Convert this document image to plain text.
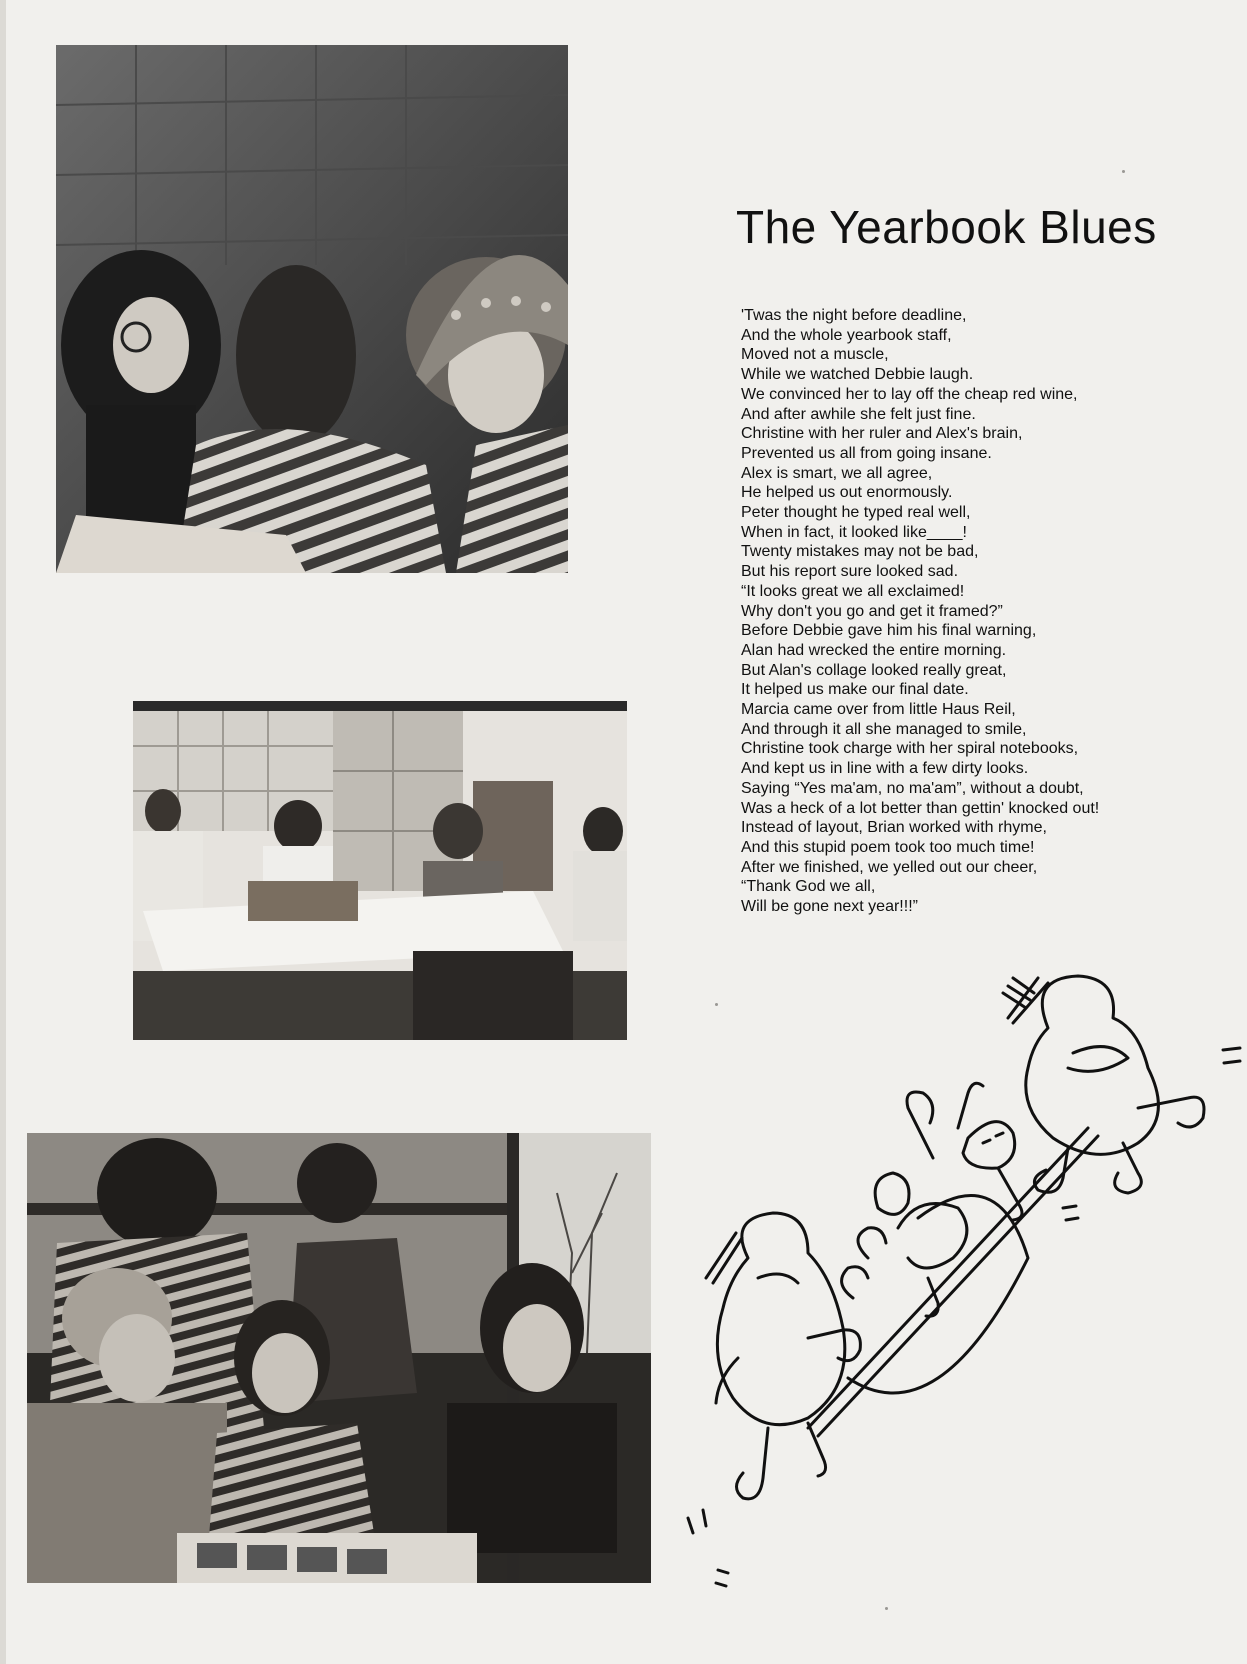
The Yearbook Blues
'Twas the night before deadline,
And the whole yearbook staff,
Moved not a muscle,
While we watched Debbie laugh.
We convinced her to lay off the cheap red wine,
And after awhile she felt just fine.
Christine with her ruler and Alex's brain,
Prevented us all from going insane.
Alex is smart, we all agree,
He helped us out enormously.
Peter thought he typed real well,
When in fact, it looked like____!
Twenty mistakes may not be bad,
But his report sure looked sad.
“It looks great we all exclaimed!
Why don't you go and get it framed?”
Before Debbie gave him his final warning,
Alan had wrecked the entire morning.
But Alan's collage looked really great,
It helped us make our final date.
Marcia came over from little Haus Reil,
And through it all she managed to smile,
Christine took charge with her spiral notebooks,
And kept us in line with a few dirty looks.
Saying “Yes ma'am, no ma'am”, without a doubt,
Was a heck of a lot better than gettin' knocked out!
Instead of layout, Brian worked with rhyme,
And this stupid poem took too much time!
After we finished, we yelled out our cheer,
“Thank God we all,
Will be gone next year!!!”
